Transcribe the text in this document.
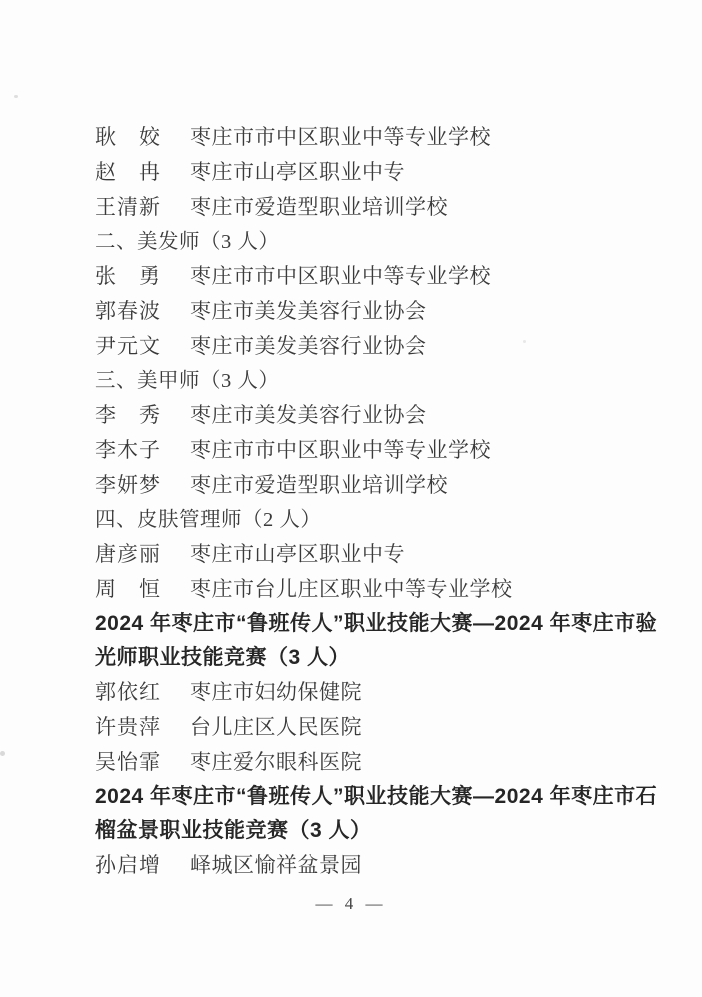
耿　姣	枣庄市市中区职业中等专业学校
赵　冉	枣庄市山亭区职业中专
王清新	枣庄市爱造型职业培训学校
二、美发师（3 人）
张　勇	枣庄市市中区职业中等专业学校
郭春波	枣庄市美发美容行业协会
尹元文	枣庄市美发美容行业协会
三、美甲师（3 人）
李　秀	枣庄市美发美容行业协会
李木子	枣庄市市中区职业中等专业学校
李妍梦	枣庄市爱造型职业培训学校
四、皮肤管理师（2 人）
唐彦丽	枣庄市山亭区职业中专
周　恒	枣庄市台儿庄区职业中等专业学校
2024 年枣庄市“鲁班传人”职业技能大赛—2024 年枣庄市验
光师职业技能竞赛（3 人）
郭依红	枣庄市妇幼保健院
许贵萍	台儿庄区人民医院
吴怡霏	枣庄爱尔眼科医院
2024 年枣庄市“鲁班传人”职业技能大赛—2024 年枣庄市石
榴盆景职业技能竞赛（3 人）
孙启增	峄城区愉祥盆景园
— 4 —
